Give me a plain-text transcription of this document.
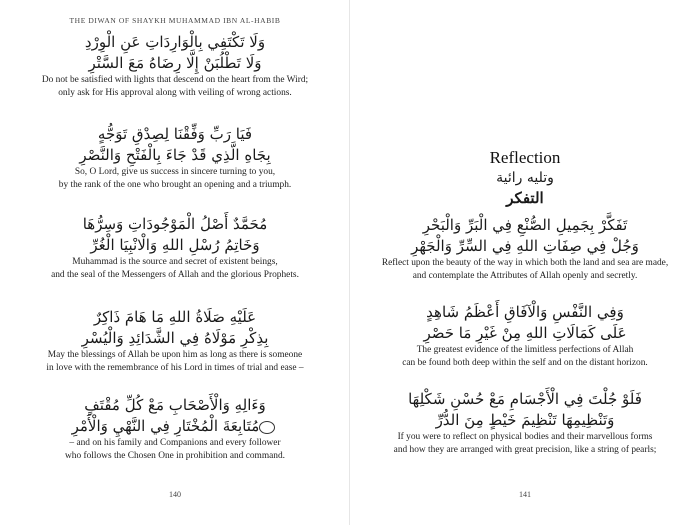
THE DIWAN OF SHAYKH MUHAMMAD IBN AL-HABIB

وَلَا تَكْتَفِي بِالْوَارِدَاتِ عَنِ الْوِرْدِ

وَلَا تَطْلُبَنْ إِلَّا رِضَاهُ مَعَ السَّتْرِ

Do not be satisfied with lights that descend on the heart from the Wird;

only ask for His approval along with veiling of wrong actions.

فَيَا رَبِّ وَفِّقْنَا لِصِدْقِ تَوَجُّهٍ

بِجَاهِ الَّذِي قَدْ جَاءَ بِالْفَتْحِ وَالنَّصْرِ

So, O Lord, give us success in sincere turning to you,

by the rank of the one who brought an opening and a triumph.

مُحَمَّدٌ أَصْلُ الْمَوْجُودَاتِ وَسِرُّهَا

وَخَاتِمُ رُسْلِ اللهِ وَالْانْبِيَا الْغُرِّ

Muhammad is the source and secret of existent beings,

and the seal of the Messengers of Allah and the glorious Prophets.

عَلَيْهِ صَلَاةُ اللهِ مَا هَامَ ذَاكِرٌ

بِذِكْرِ مَوْلَاهُ فِي الشَّدَائِدِ وَالْيُسْرِ

May the blessings of Allah be upon him as long as there is someone

in love with the remembrance of his Lord in times of trial and ease –

وَءَالِهِ وَالْأَصْحَابِ مَعْ كُلِّ مُقْتَفٍ

مُتَابِعَةَ الْمُخْتَارِ فِي النَّهْيِ وَالْأَمْرِ

– and on his family and Companions and every follower

who follows the Chosen One in prohibition and command.

140

Reflection

وتليه رائية

التفكر

تَفَكَّرْ بِجَمِيلِ الصُّنْعِ فِي الْبَرِّ وَالْبَحْرِ

وَجُلْ فِي صِفَاتِ اللهِ فِي السِّرِّ وَالْجَهْرِ

Reflect upon the beauty of the way in which both the land and sea are made,

and contemplate the Attributes of Allah openly and secretly.

وَفِي النَّفْسِ وَالْآفَاقِ أَعْظَمُ شَاهِدٍ

عَلَى كَمَالَاتِ اللهِ مِنْ غَيْرِ مَا حَصْرِ

The greatest evidence of the limitless perfections of Allah

can be found both deep within the self and on the distant horizon.

فَلَوْ جُلْتَ فِي الْأَجْسَامِ مَعْ حُسْنِ شَكْلِهَا

وَتَنْظِيمِهَا تَنْظِيمَ خَيْطٍ مِنَ الدُّرِّ

If you were to reflect on physical bodies and their marvellous forms

and how they are arranged with great precision, like a string of pearls;

141
